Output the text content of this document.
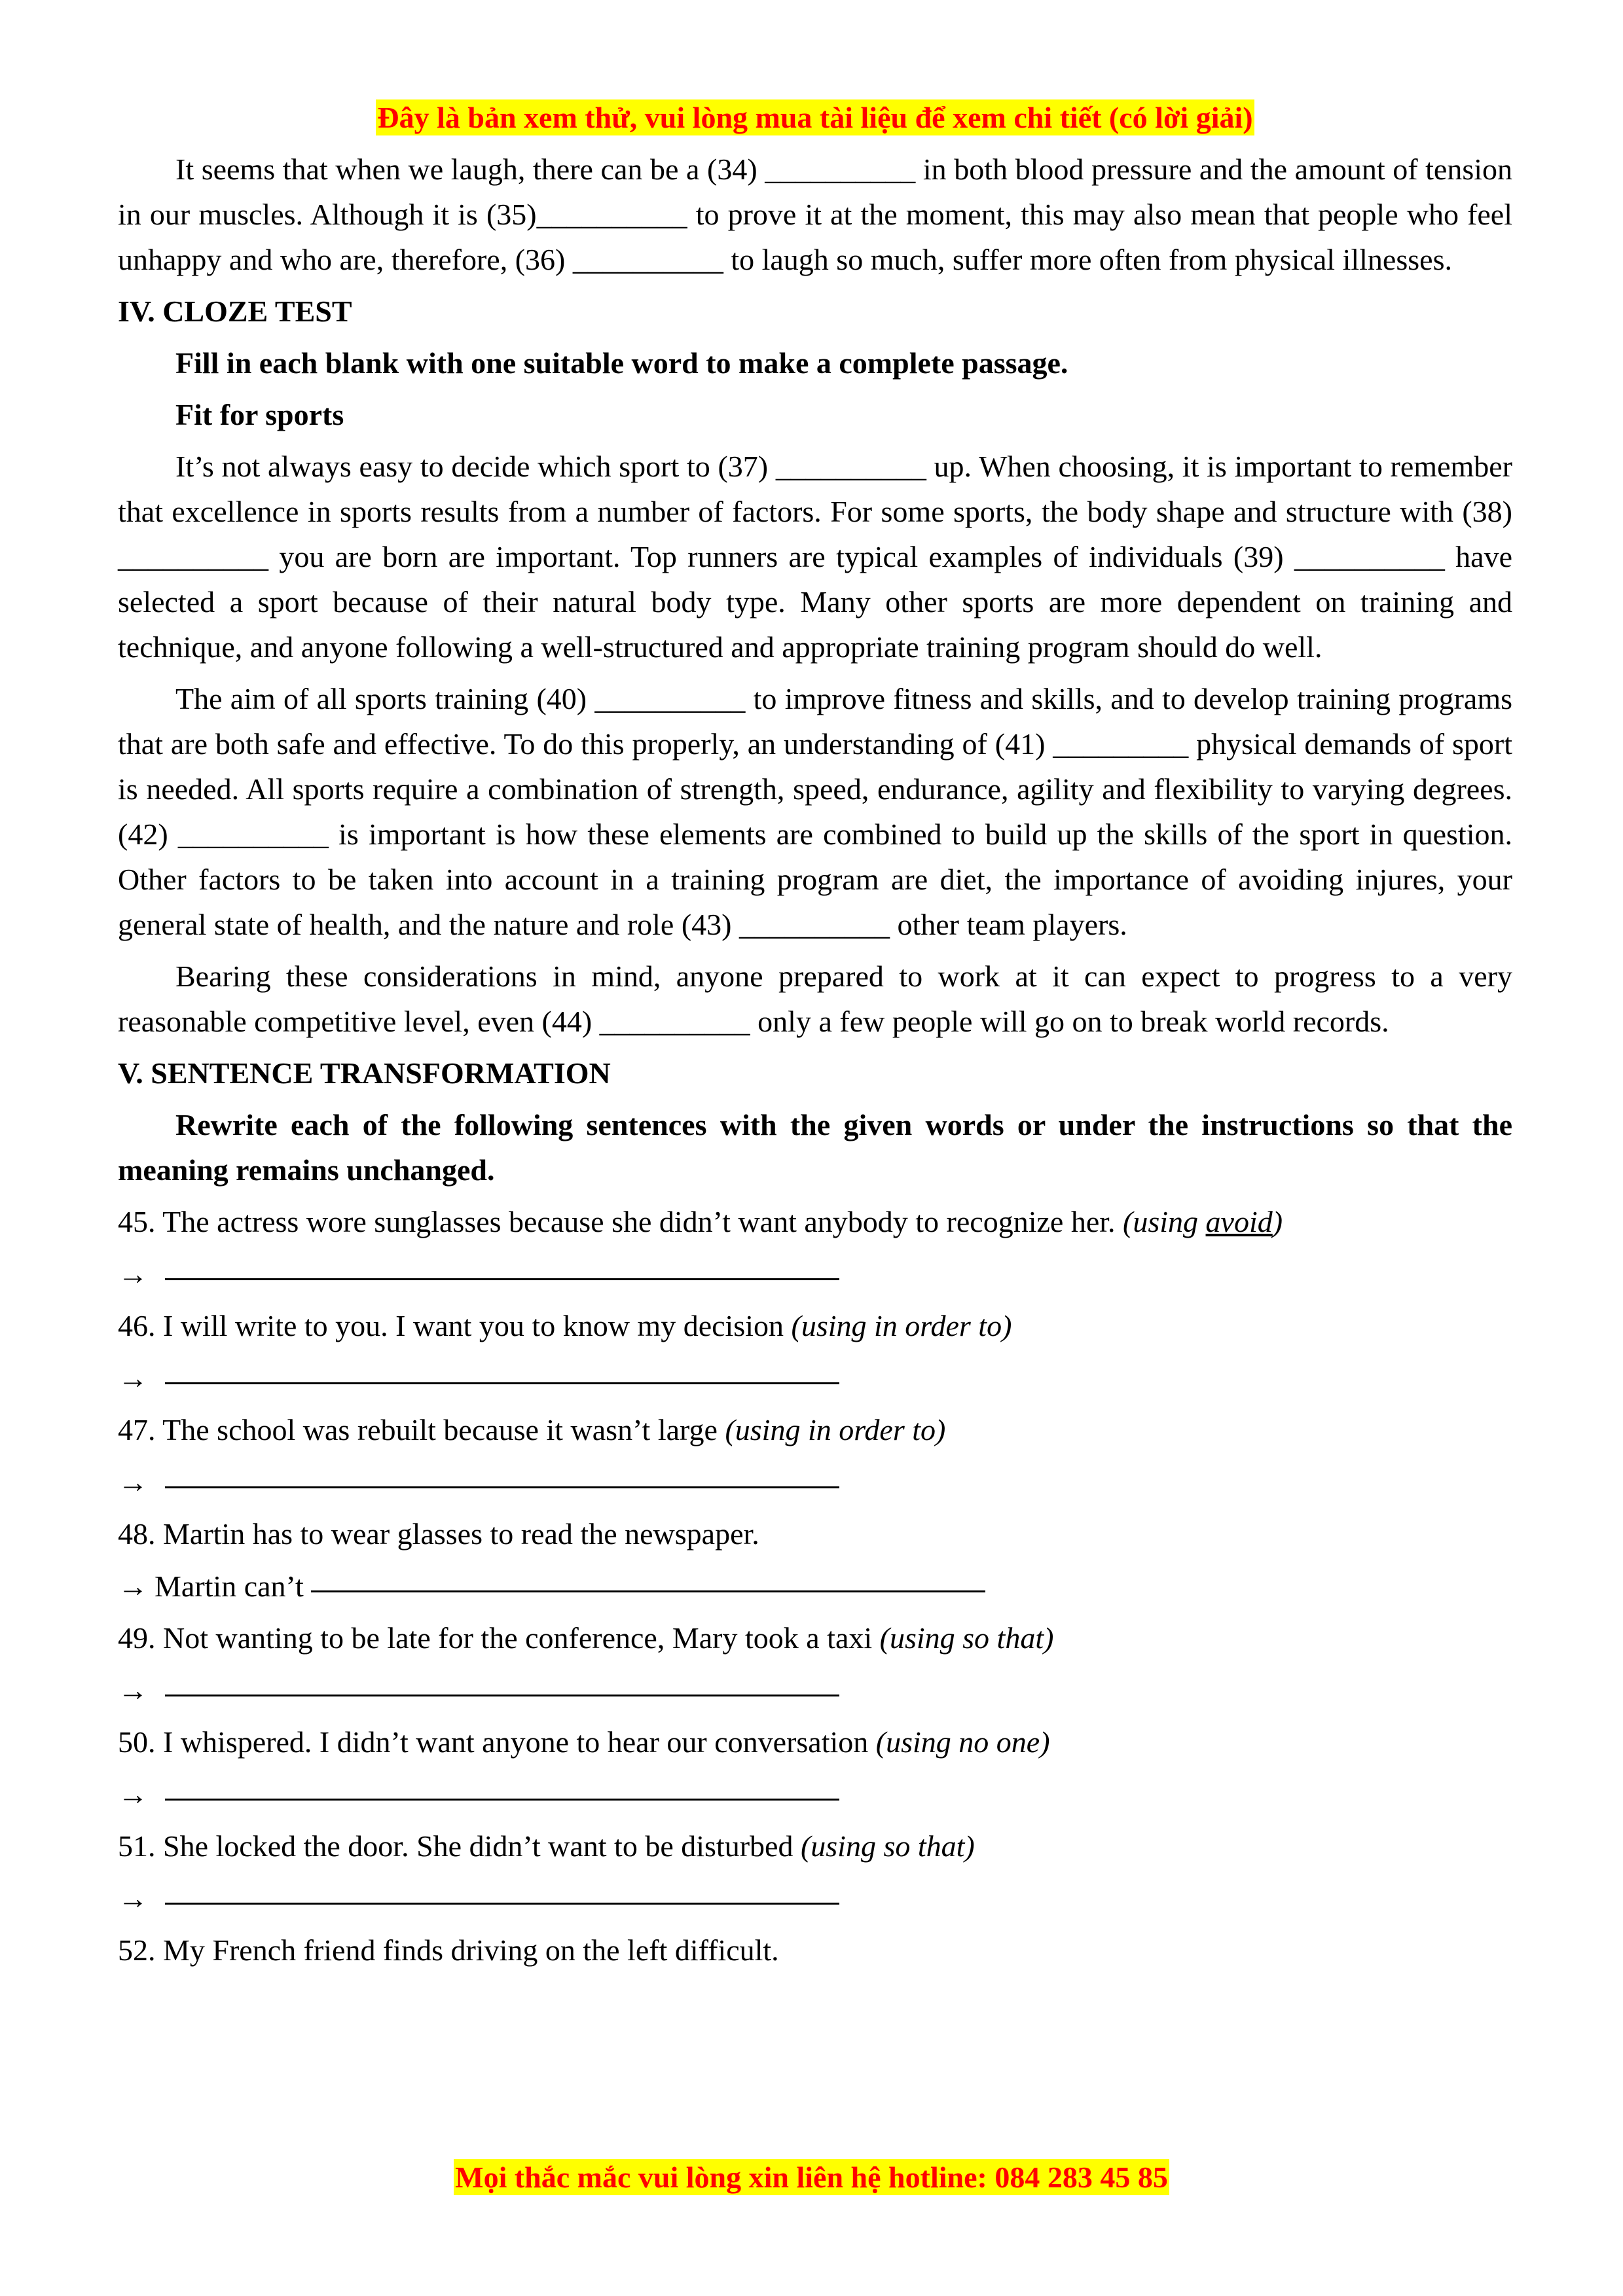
Đây là bản xem thử, vui lòng mua tài liệu để xem chi tiết (có lời giải)
It seems that when we laugh, there can be a (34) __________ in both blood pressure and the amount of tension in our muscles. Although it is (35)__________ to prove it at the moment, this may also mean that people who feel unhappy and who are, therefore, (36) __________ to laugh so much, suffer more often from physical illnesses.
IV. CLOZE TEST
Fill in each blank with one suitable word to make a complete passage.
Fit for sports
It’s not always easy to decide which sport to (37) __________ up. When choosing, it is important to remember that excellence in sports results from a number of factors. For some sports, the body shape and structure with (38) __________ you are born are important. Top runners are typical examples of individuals (39) __________ have selected a sport because of their natural body type. Many other sports are more dependent on training and technique, and anyone following a well-structured and appropriate training program should do well.
The aim of all sports training (40) __________ to improve fitness and skills, and to develop training programs that are both safe and effective. To do this properly, an understanding of (41) _________ physical demands of sport is needed. All sports require a combination of strength, speed, endurance, agility and flexibility to varying degrees. (42) __________ is important is how these elements are combined to build up the skills of the sport in question. Other factors to be taken into account in a training program are diet, the importance of avoiding injures, your general state of health, and the nature and role (43) __________ other team players.
Bearing these considerations in mind, anyone prepared to work at it can expect to progress to a very reasonable competitive level, even (44) __________ only a few people will go on to break world records.
V. SENTENCE TRANSFORMATION
Rewrite each of the following sentences with the given words or under the instructions so that the meaning remains unchanged.
45. The actress wore sunglasses because she didn’t want anybody to recognize her. (using avoid)
→
46. I will write to you. I want you to know my decision (using in order to)
→
47. The school was rebuilt because it wasn’t large (using in order to)
→
48. Martin has to wear glasses to read the newspaper.
→ Martin can’t
49. Not wanting to be late for the conference, Mary took a taxi (using so that)
→
50. I whispered. I didn’t want anyone to hear our conversation (using no one)
→
51. She locked the door. She didn’t want to be disturbed (using so that)
→
52. My French friend finds driving on the left difficult.
Mọi thắc mắc vui lòng xin liên hệ hotline: 084 283 45 85
